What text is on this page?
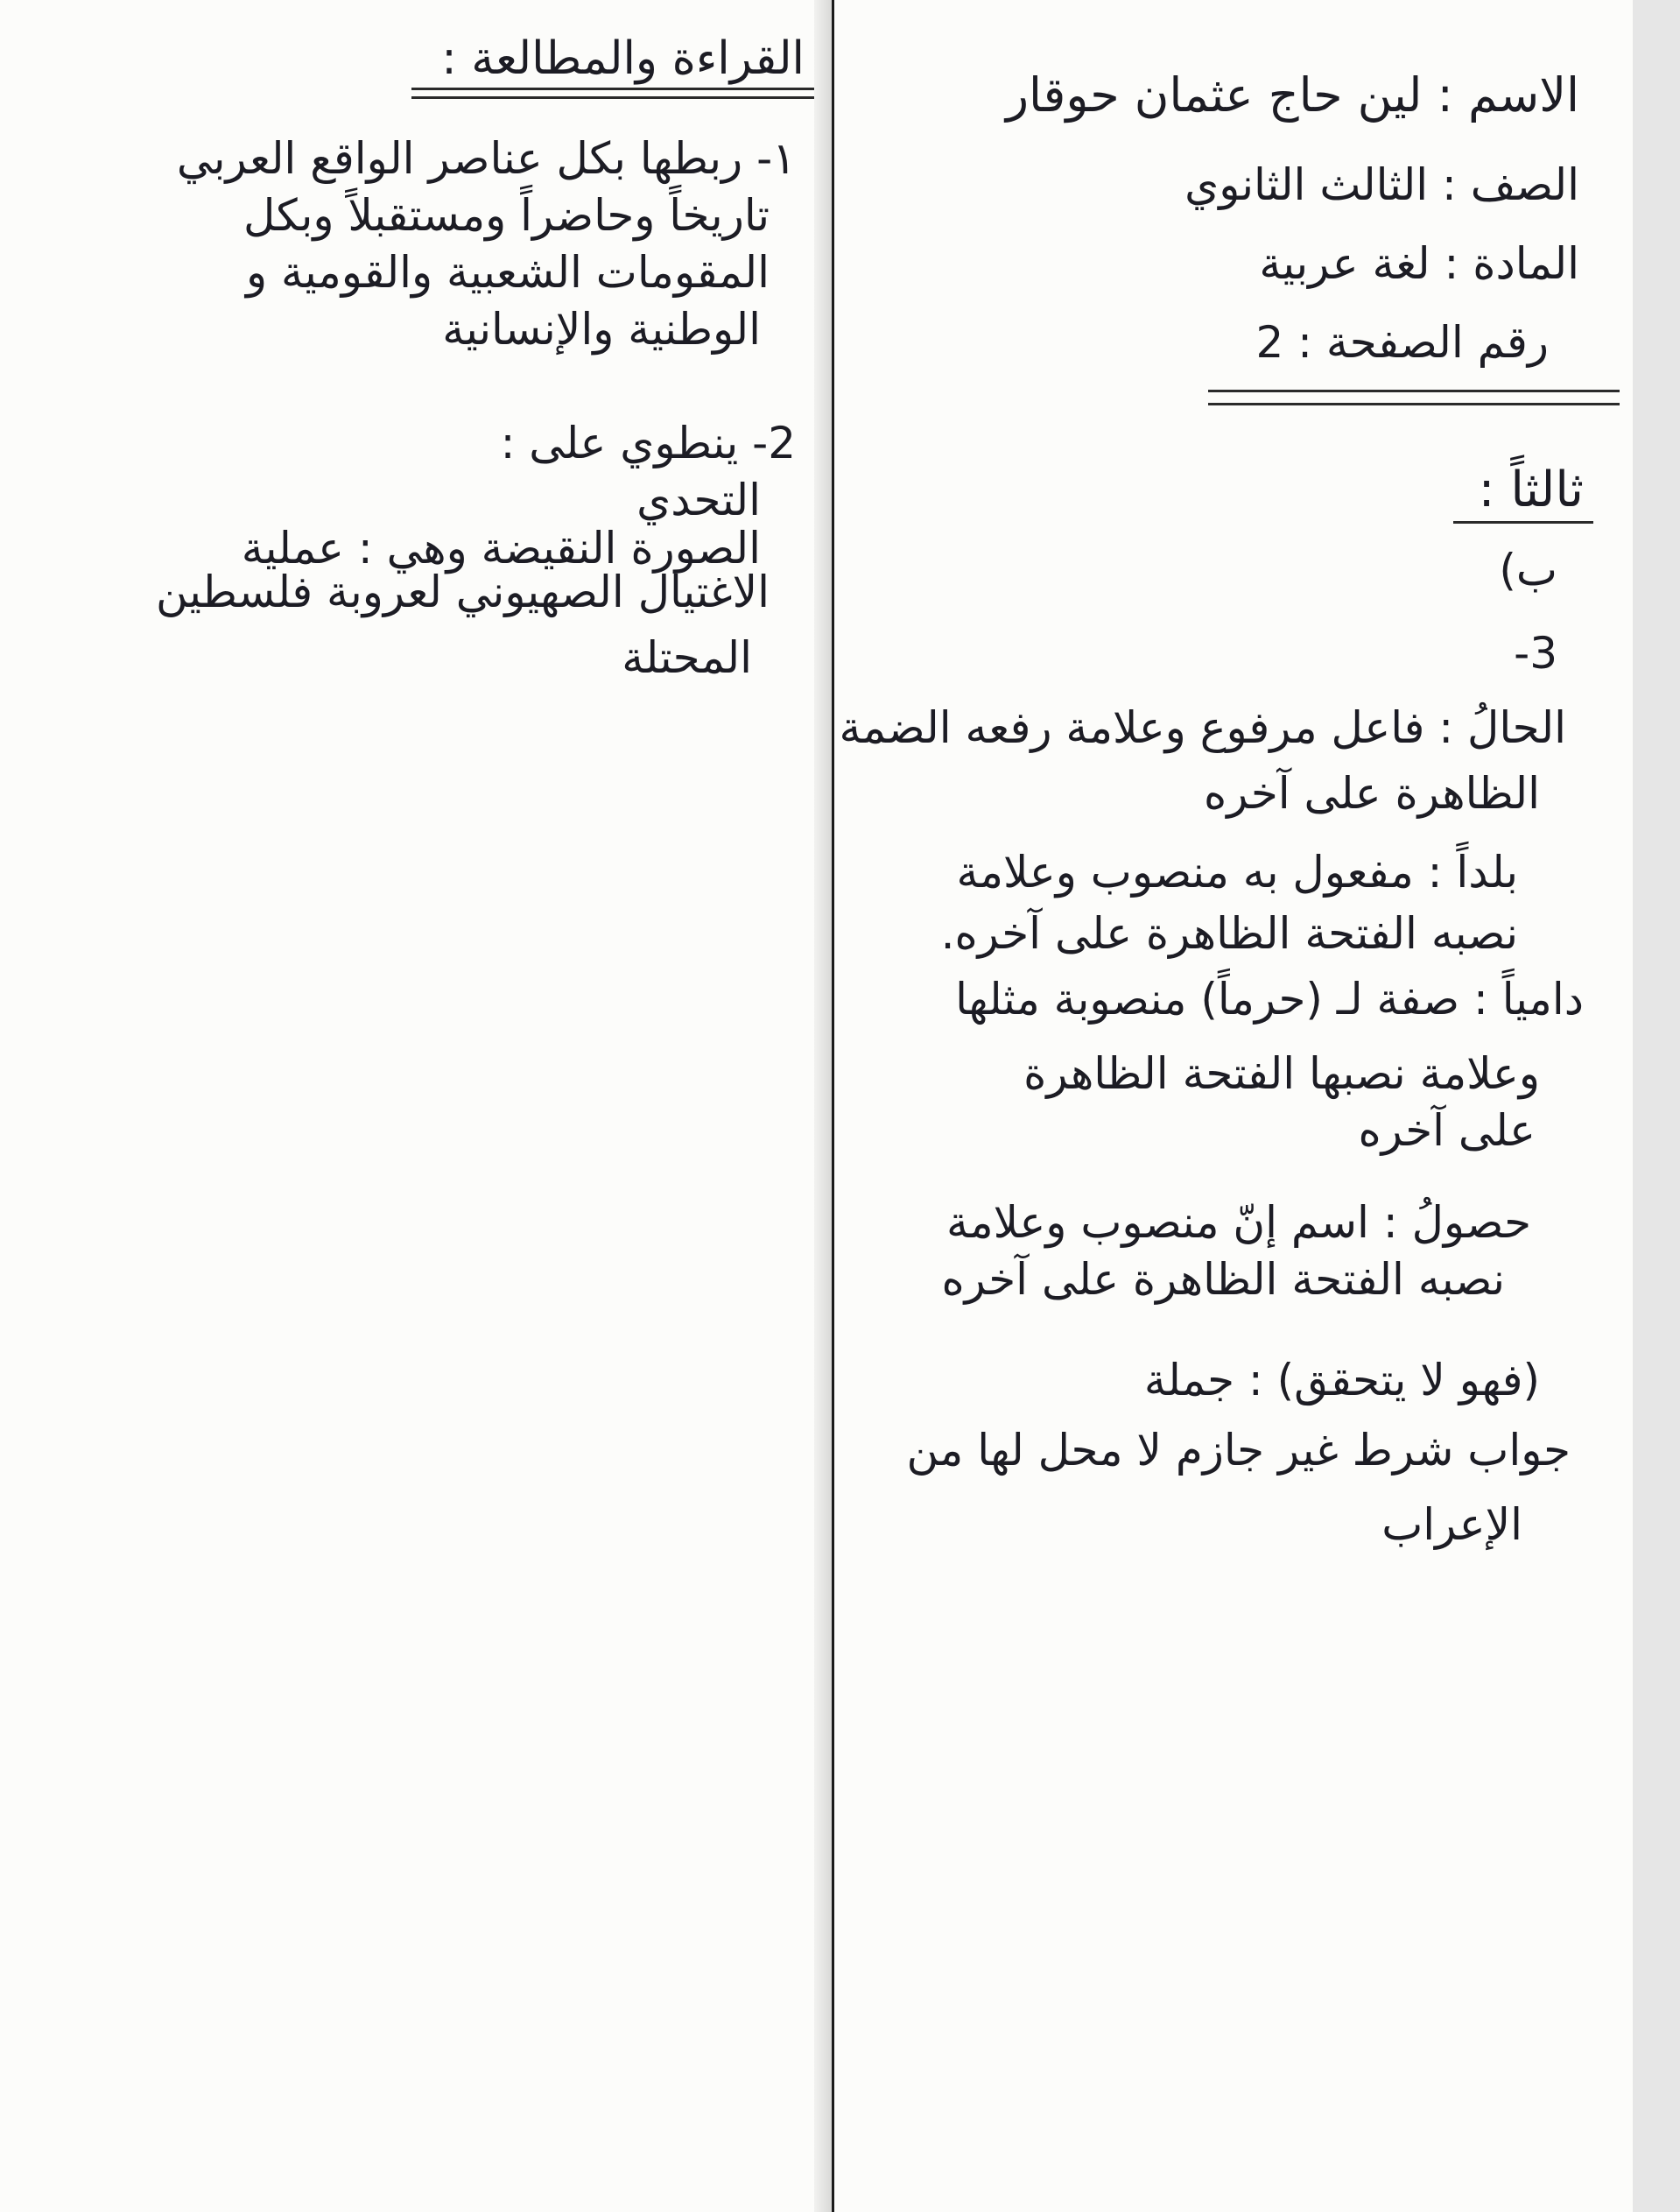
القراءة والمطالعة :
١- ربطها بكل عناصر الواقع العربي
تاريخاً وحاضراً ومستقبلاً وبكل
المقومات الشعبية والقومية و
الوطنية والإنسانية
2- ينطوي على :
التحدي
الصورة النقيضة وهي : عملية
الاغتيال الصهيوني لعروبة فلسطين
المحتلة
الاسم : لين حاج عثمان حوقار
الصف : الثالث الثانوي
المادة : لغة عربية
رقم الصفحة : 2
ثالثاً :
ب)
3-
الحالُ : فاعل مرفوع وعلامة رفعه الضمة
الظاهرة على آخره
بلداً : مفعول به منصوب وعلامة
نصبه الفتحة الظاهرة على آخره.
دامياً : صفة لـ (حرماً) منصوبة مثلها
وعلامة نصبها الفتحة الظاهرة
على آخره
حصولُ : اسم إنّ منصوب وعلامة
نصبه الفتحة الظاهرة على آخره
(فهو لا يتحقق) : جملة
جواب شرط غير جازم لا محل لها من
الإعراب
